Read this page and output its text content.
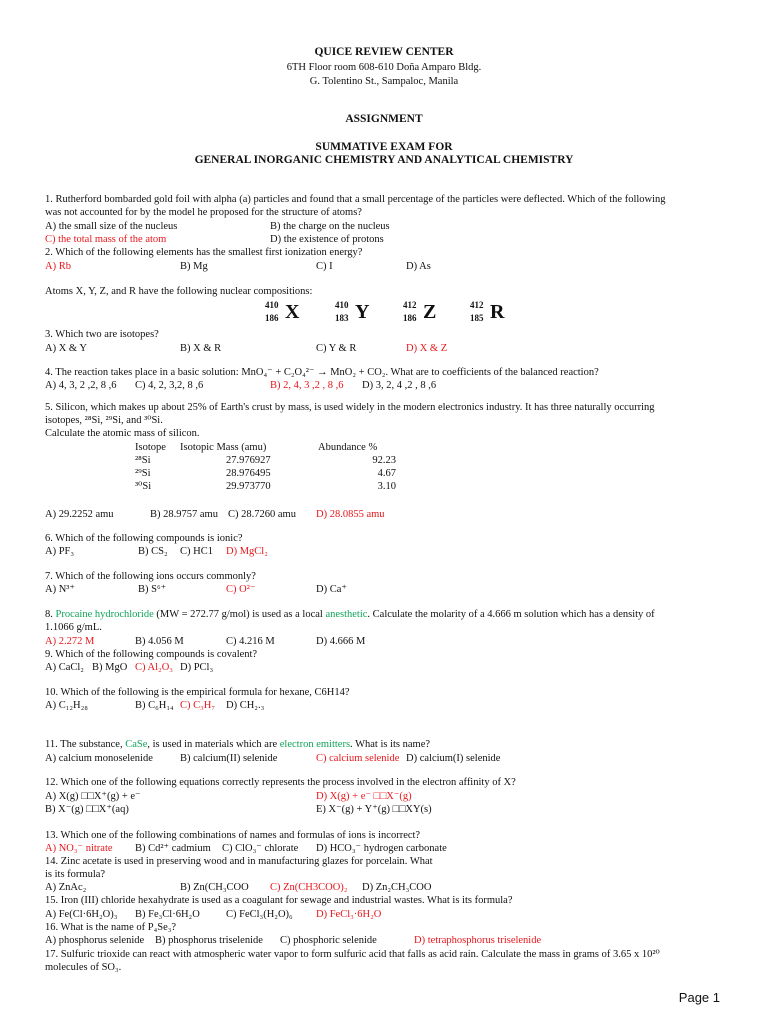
QUICE REVIEW CENTER
6TH Floor room 608-610 Doña Amparo Bldg.
G. Tolentino St., Sampaloc, Manila
ASSIGNMENT
SUMMATIVE EXAM FOR
GENERAL INORGANIC CHEMISTRY AND ANALYTICAL CHEMISTRY
1. Rutherford bombarded gold foil with alpha (a) particles and found that a small percentage of the particles were deflected. Which of the following
was not accounted for by the model he proposed for the structure of atoms?
A) the small size of the nucleus	B) the charge on the nucleus
C) the total mass of the atom	D) the existence of protons
2. Which of the following elements has the smallest first ionization energy?
A) Rb	B) Mg	C) I	D) As
Atoms X, Y, Z, and R have the following nuclear compositions:
410
186 X	410
183 Y	412
186 Z	412
185 R
3. Which two are isotopes?
A) X & Y	B) X & R	C) Y & R	D) X & Z
4. The reaction takes place in a basic solution: MnO₄⁻ + C₂O₄²⁻ → MnO₂ + CO₂. What are to coefficients of the balanced reaction?
A) 4, 3, 2 ,2, 8 ,6 C) 4, 2, 3,2, 8 ,6	B) 2, 4, 3 ,2 , 8 ,6 D) 3, 2, 4 ,2 , 8 ,6
5. Silicon, which makes up about 25% of Earth's crust by mass, is used widely in the modern electronics industry. It has three naturally occurring
isotopes, ²⁸Si, ²⁹Si, and ³⁰Si.
Calculate the atomic mass of silicon.
Isotope Isotopic Mass (amu)	Abundance %
²⁸Si	27.976927	92.23
²⁹Si	28.976495	4.67
³⁰Si	29.973770	3.10
A) 29.2252 amu	B) 28.9757 amu C) 28.7260 amu D) 28.0855 amu
6. Which of the following compounds is ionic?
A) PF₃	B) CS₂ C) HC1 D) MgCl₂
7. Which of the following ions occurs commonly?
A) N³⁺	B) S⁶⁺	C) O²⁻	D) Ca⁺
8. Procaine hydrochloride (MW = 272.77 g/mol) is used as a local anesthetic. Calculate the molarity of a 4.666 m solution which has a density of
1.1066 g/mL.
A) 2.272 M	B) 4.056 M	C) 4.216 M	D) 4.666 M
9. Which of the following compounds is covalent?
A) CaCl₂ B) MgO C) Al₂O₃ D) PCl₃
10. Which of the following is the empirical formula for hexane, C6H14?
A) C₁₂H₂₈	B) C₆H₁₄ C) C₃H₇ D) CH₂.₃
11. The substance, CaSe, is used in materials which are electron emitters. What is its name?
A) calcium monoselenide	B) calcium(II) selenide	C) calcium selenide D) calcium(I) selenide
12. Which one of the following equations correctly represents the process involved in the electron affinity of X?
A) X(g) □□X⁺(g) + e⁻	D) X(g) + e⁻ □□X⁻(g)
B) X⁻(g) □□X⁺(aq)	E) X⁻(g) + Y⁺(g) □□XY(s)
13. Which one of the following combinations of names and formulas of ions is incorrect?
A) NO₃⁻ nitrate B) Cd²⁺ cadmium C) ClO₃⁻ chlorate D) HCO₃⁻ hydrogen carbonate
14. Zinc acetate is used in preserving wood and in manufacturing glazes for porcelain. What
is its formula?
A) ZnAc₂	B) Zn(CH₃COO C) Zn(CH3COO)₂ D) Zn₂CH₃COO
15. Iron (III) chloride hexahydrate is used as a coagulant for sewage and industrial wastes. What is its formula?
A) Fe(Cl·6H₂O)₃ B) Fe₃Cl·6H₂O C) FeCl₃(H₂O)₆ D) FeCl₃·6H₂O
16. What is the name of P₄Se₃?
A) phosphorus selenide B) phosphorus triselenide C) phosphoric selenide	D) tetraphosphorus triselenide
17. Sulfuric trioxide can react with atmospheric water vapor to form sulfuric acid that falls as acid rain. Calculate the mass in grams of 3.65 x 10²⁰
molecules of SO₃.
Page 1
